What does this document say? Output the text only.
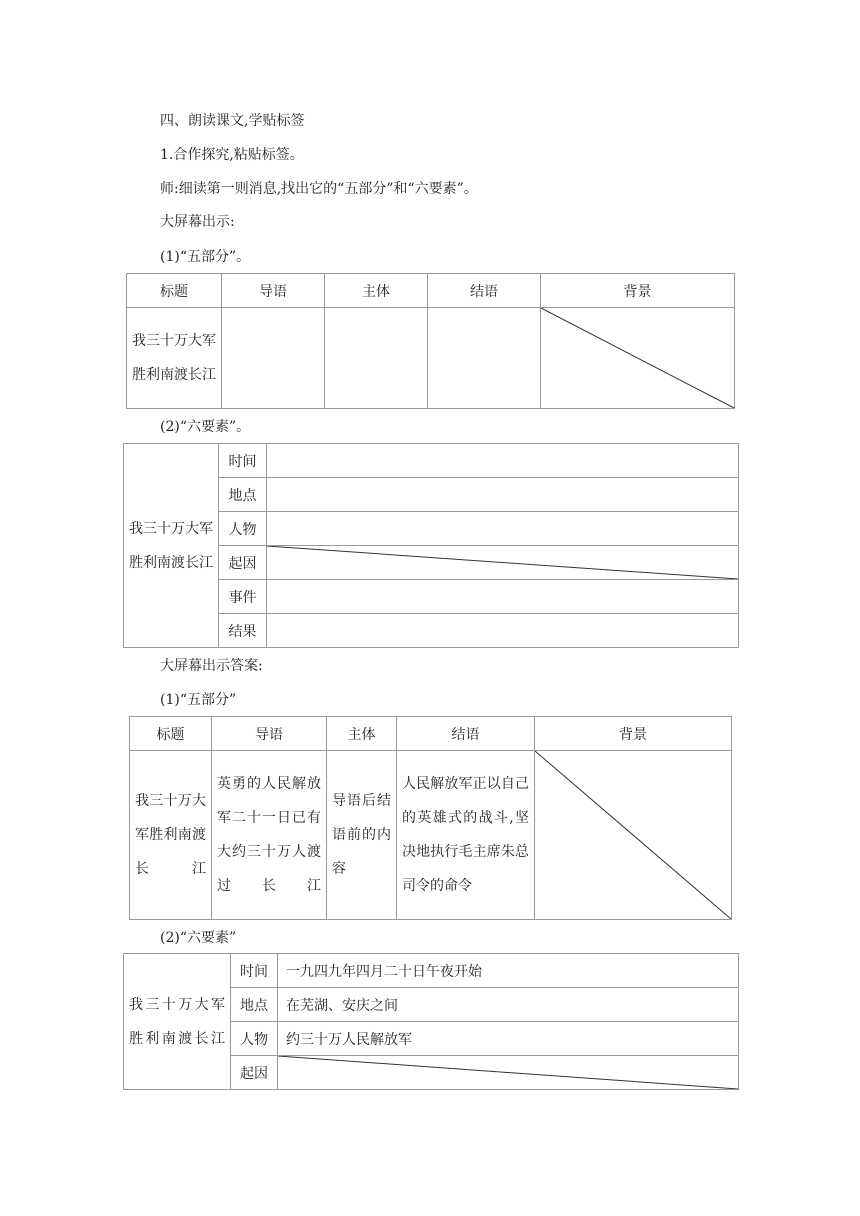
四、朗读课文,学贴标签
1.合作探究,粘贴标签。
师:细读第一则消息,找出它的“五部分”和“六要素”。
大屏幕出示:
(1)“五部分”。
标题	导语	主体	结语	背景
我三十万大军胜利南渡长江				
(2)“六要素”。
我三十万大军胜利南渡长江	时间	
	地点	
	人物	
	起因	

	事件	
	结果	
大屏幕出示答案:
(1)“五部分”
标题	导语	主体	结语	背景
我三十万大军胜利南渡长江	英勇的人民解放军二十一日已有大约三十万人渡过长江	导语后结语前的内容	人民解放军正以自己的英雄式的战斗,坚决地执行毛主席朱总司令的命令	
(2)“六要素”
我三十万大军胜利南渡长江	时间	一九四九年四月二十日午夜开始
	地点	在芜湖、安庆之间
	人物	约三十万人民解放军
	起因	
